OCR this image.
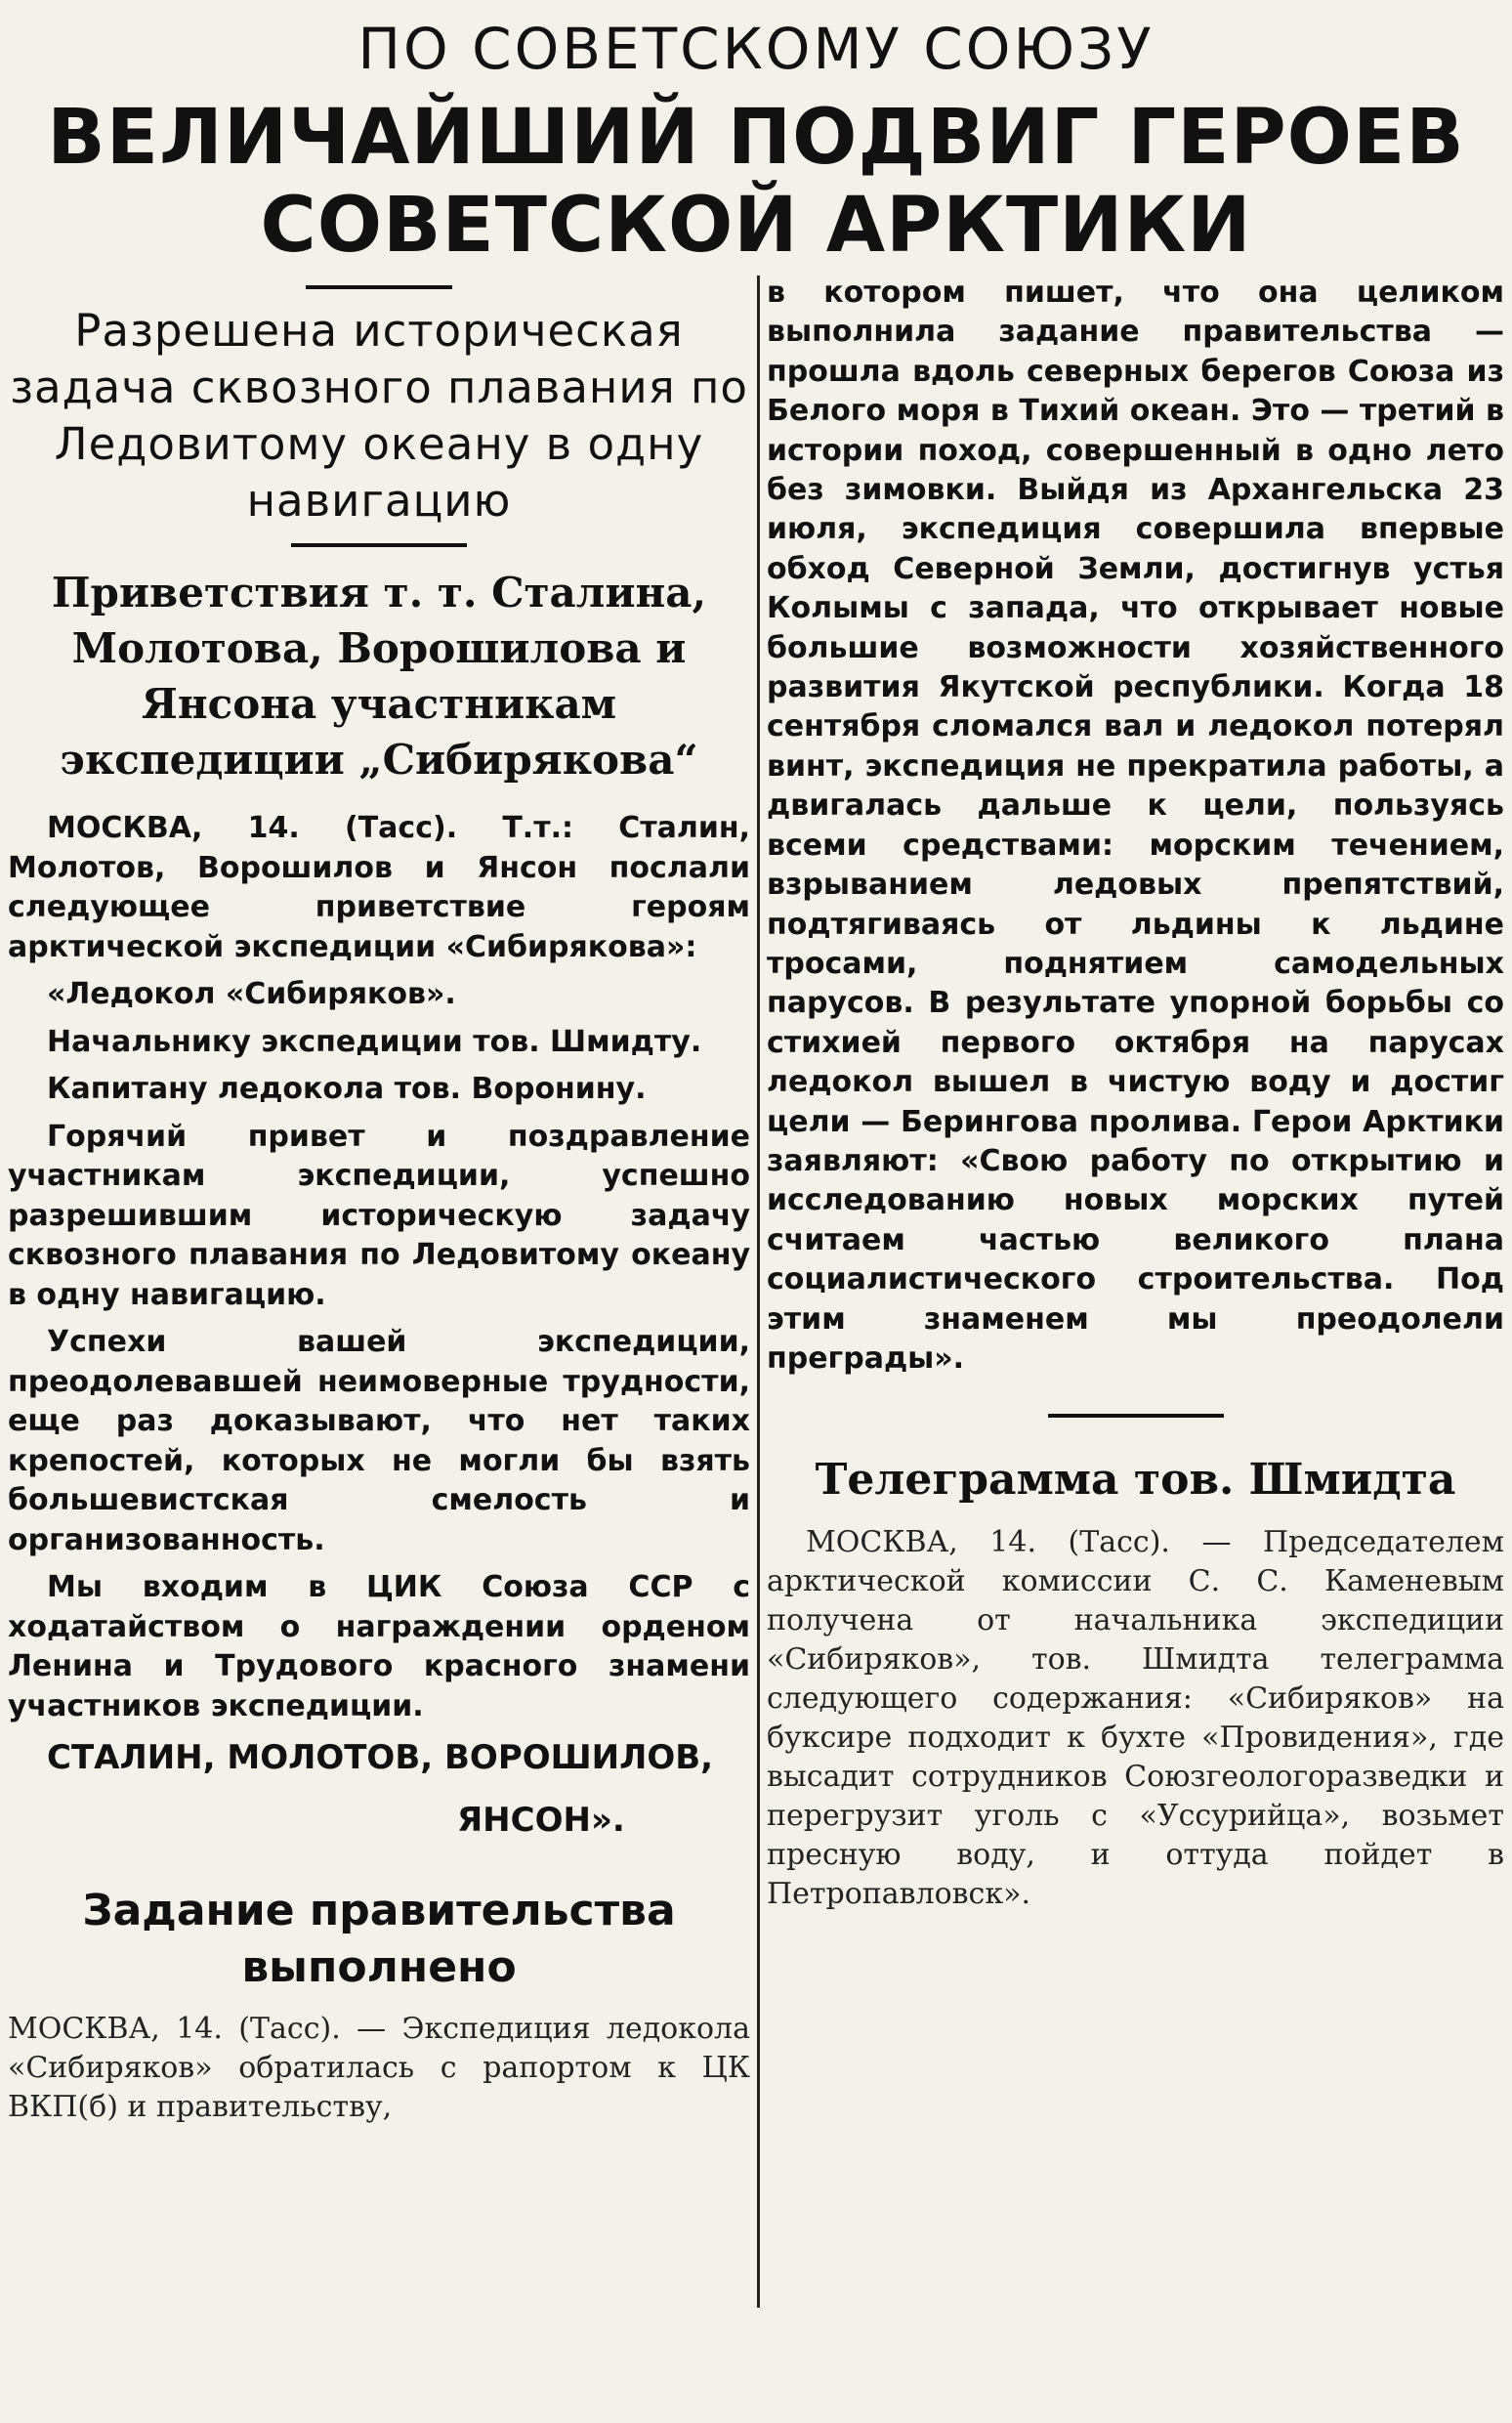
ПО СОВЕТСКОМУ СОЮЗУ
ВЕЛИЧАЙШИЙ ПОДВИГ ГЕРОЕВ
СОВЕТСКОЙ АРКТИКИ
Разрешена историческая задача сквозного плавания по Ледовитому океану в одну навигацию
Приветствия т. т. Сталина, Молотова, Ворошилова и Янсона участникам экспедиции „Сибирякова“

МОСКВА, 14. (Тасс). Т.т.: Сталин, Молотов, Ворошилов и Янсон послали следующее приветствие героям арктической экспедиции «Сибирякова»:

«Ледокол «Сибиряков».

Начальнику экспедиции тов. Шмидту.

Капитану ледокола тов. Воронину.

Горячий привет и поздравление участникам экспедиции, успешно разрешившим историческую задачу сквозного плавания по Ледовитому океану в одну навигацию.

Успехи вашей экспедиции, преодолевавшей неимоверные трудности, еще раз доказывают, что нет таких крепостей, которых не могли бы взять большевистская смелость и организованность.

Мы входим в ЦИК Союза ССР с ходатайством о награждении орденом Ленина и Трудового красного знамени участников экспедиции.

СТАЛИН, МОЛОТОВ, ВОРОШИЛОВ,
ЯНСОН».
Задание правительства выполнено

МОСКВА, 14. (Тасс). — Экспедиция ледокола «Сибиряков» обратилась с рапортом к ЦК ВКП(б) и правительству,

в котором пишет, что она целиком выполнила задание правительства — прошла вдоль северных берегов Союза из Белого моря в Тихий океан. Это — третий в истории поход, совершенный в одно лето без зимовки. Выйдя из Архангельска 23 июля, экспедиция совершила впервые обход Северной Земли, достигнув устья Колымы с запада, что открывает новые большие возможности хозяйственного развития Якутской республики. Когда 18 сентября сломался вал и ледокол потерял винт, экспедиция не прекратила работы, а двигалась дальше к цели, пользуясь всеми средствами: морским течением, взрыванием ледовых препятствий, подтягиваясь от льдины к льдине тросами, поднятием самодельных парусов. В результате упорной борьбы со стихией первого октября на парусах ледокол вышел в чистую воду и достиг цели — Берингова пролива. Герои Арктики заявляют: «Свою работу по открытию и исследованию новых морских путей считаем частью великого плана социалистического строительства. Под этим знаменем мы преодолели преграды».

Телеграмма тов. Шмидта

МОСКВА, 14. (Тасс). — Председателем арктической комиссии С. С. Каменевым получена от начальника экспедиции «Сибиряков», тов. Шмидта телеграмма следующего содержания: «Сибиряков» на буксире подходит к бухте «Провидения», где высадит сотрудников Союзгеологоразведки и перегрузит уголь с «Уссурийца», возьмет пресную воду, и оттуда пойдет в Петропавловск».
